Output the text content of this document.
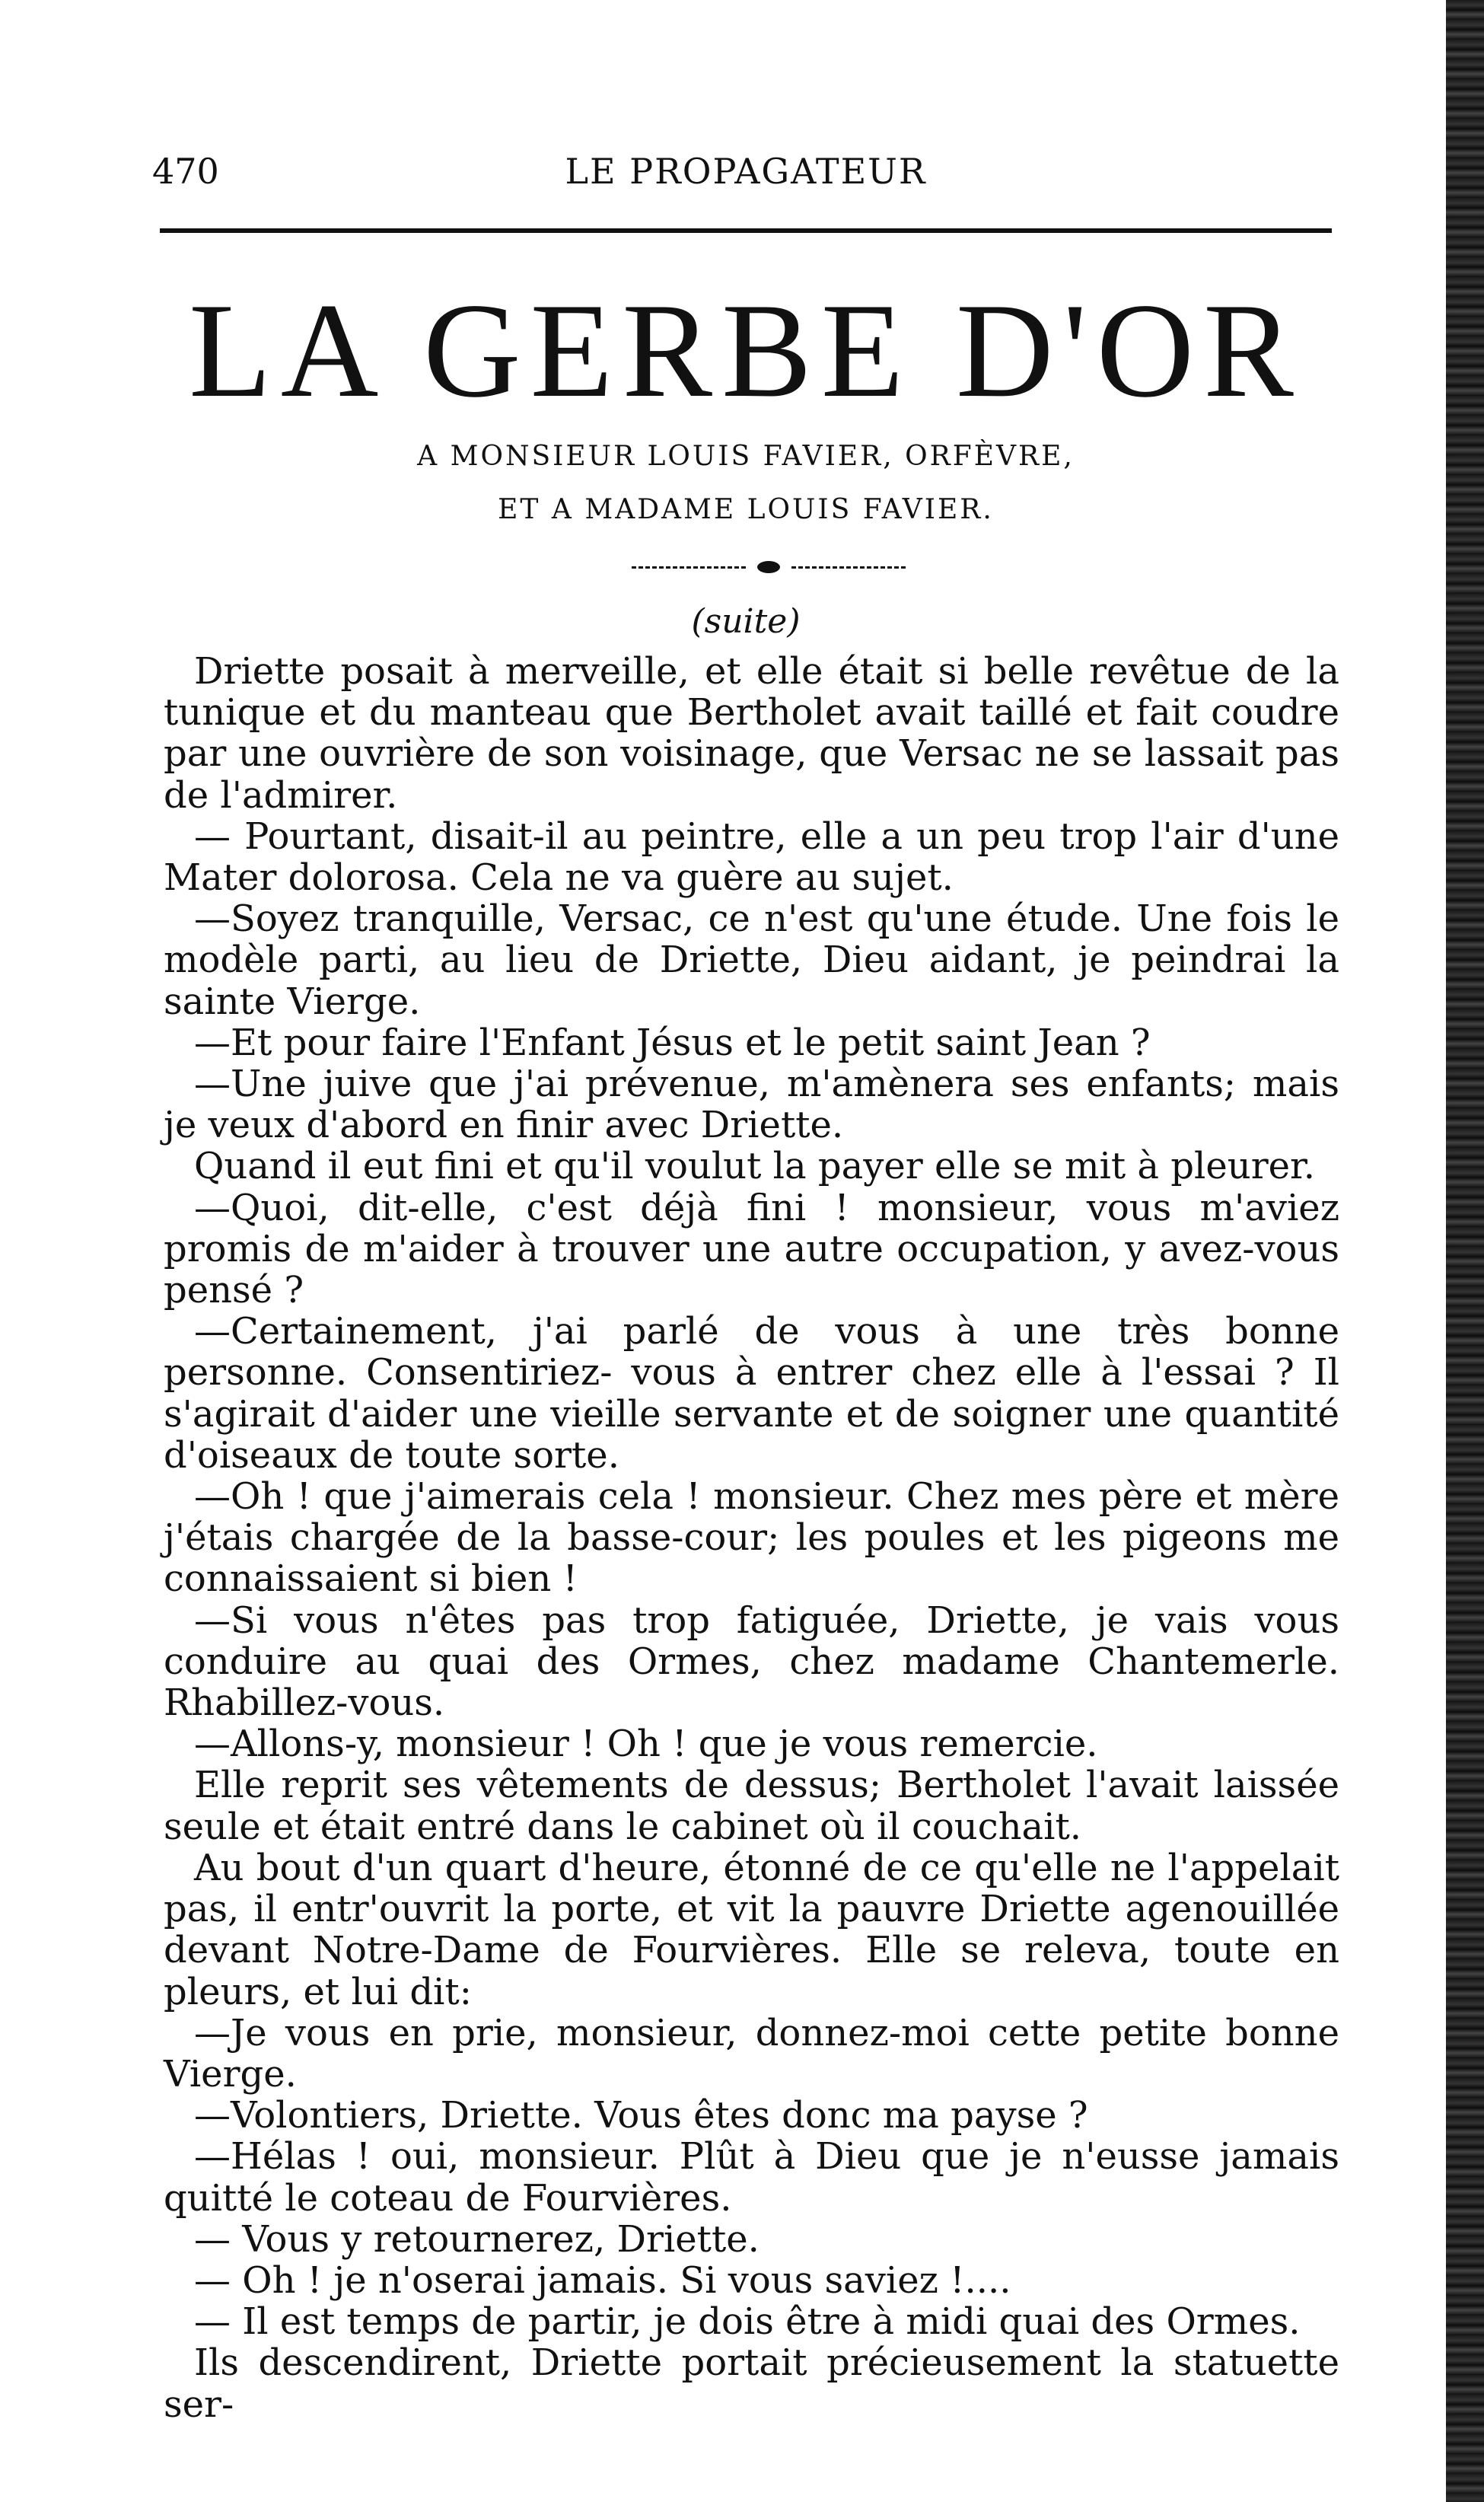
470	LE PROPAGATEUR
LA GERBE D'OR
A MONSIEUR LOUIS FAVIER, ORFÈVRE,
ET A MADAME LOUIS FAVIER.
(suite)

Driette posait à merveille, et elle était si belle revêtue de la tunique et du manteau que Bertholet avait taillé et fait coudre par une ouvrière de son voisinage, que Versac ne se lassait pas de l'admirer.

— Pourtant, disait-il au peintre, elle a un peu trop l'air d'une Mater dolorosa. Cela ne va guère au sujet.

—Soyez tranquille, Versac, ce n'est qu'une étude. Une fois le modèle parti, au lieu de Driette, Dieu aidant, je peindrai la sainte Vierge.

—Et pour faire l'Enfant Jésus et le petit saint Jean ?

—Une juive que j'ai prévenue, m'amènera ses enfants; mais je veux d'abord en finir avec Driette.

Quand il eut fini et qu'il voulut la payer elle se mit à pleurer.

—Quoi, dit-elle, c'est déjà fini ! monsieur, vous m'aviez promis de m'aider à trouver une autre occupation, y avez-vous pensé ?

—Certainement, j'ai parlé de vous à une très bonne personne. Consentiriez- vous à entrer chez elle à l'essai ? Il s'agirait d'aider une vieille servante et de soigner une quantité d'oiseaux de toute sorte.

—Oh ! que j'aimerais cela ! monsieur. Chez mes père et mère j'étais chargée de la basse-cour; les poules et les pigeons me connaissaient si bien !

—Si vous n'êtes pas trop fatiguée, Driette, je vais vous conduire au quai des Ormes, chez madame Chantemerle. Rhabillez-vous.

—Allons-y, monsieur ! Oh ! que je vous remercie.

Elle reprit ses vêtements de dessus; Bertholet l'avait laissée seule et était entré dans le cabinet où il couchait.

Au bout d'un quart d'heure, étonné de ce qu'elle ne l'appelait pas, il entr'ouvrit la porte, et vit la pauvre Driette agenouillée devant Notre-Dame de Fourvières. Elle se releva, toute en pleurs, et lui dit:

—Je vous en prie, monsieur, donnez-moi cette petite bonne Vierge.

—Volontiers, Driette. Vous êtes donc ma payse ?

—Hélas ! oui, monsieur. Plût à Dieu que je n'eusse jamais quitté le coteau de Fourvières.

— Vous y retournerez, Driette.

— Oh ! je n'oserai jamais. Si vous saviez !....

— Il est temps de partir, je dois être à midi quai des Ormes.

Ils descendirent, Driette portait précieusement la statuette ser-
